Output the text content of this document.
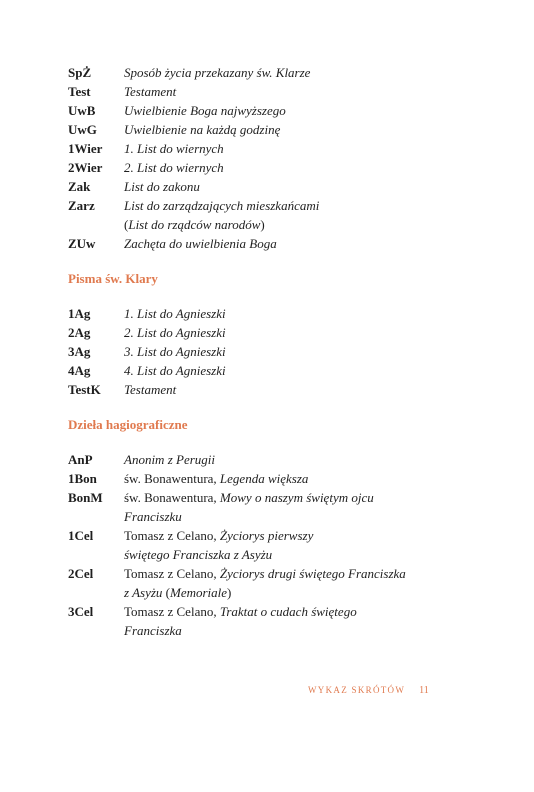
SpŻ	Sposób życia przekazany św. Klarze
Test	Testament
UwB	Uwielbienie Boga najwyższego
UwG	Uwielbienie na każdą godzinę
1Wier	1. List do wiernych
2Wier	2. List do wiernych
Zak	List do zakonu
Zarz	List do zarządzających mieszkańcami
(List do rządców narodów)
ZUw	Zachęta do uwielbienia Boga
Pisma św. Klary
1Ag	1. List do Agnieszki
2Ag	2. List do Agnieszki
3Ag	3. List do Agnieszki
4Ag	4. List do Agnieszki
TestK	Testament
Dzieła hagiograficzne
AnP	Anonim z Perugii
1Bon	św. Bonawentura, Legenda większa
BonM	św. Bonawentura, Mowy o naszym świętym ojcu
Franciszku
1Cel	Tomasz z Celano, Życiorys pierwszy
świętego Franciszka z Asyżu
2Cel	Tomasz z Celano, Życiorys drugi świętego Franciszka
z Asyżu (Memoriale)
3Cel	Tomasz z Celano, Traktat o cudach świętego
Franciszka
WYKAZ SKRÓTÓW 11
